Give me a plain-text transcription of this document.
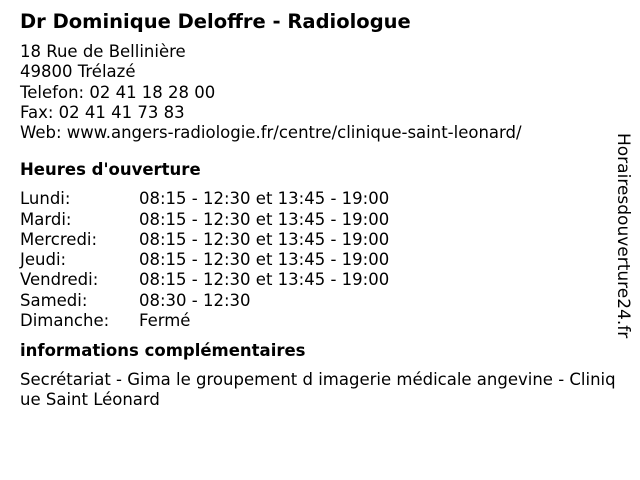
Dr Dominique Deloffre - Radiologue
18 Rue de Bellinière
49800 Trélazé
Telefon: 02 41 18 28 00
Fax: 02 41 41 73 83
Web: www.angers-radiologie.fr/centre/clinique-saint-leonard/
Heures d'ouverture
Lundi:	08:15 - 12:30 et 13:45 - 19:00
Mardi:	08:15 - 12:30 et 13:45 - 19:00
Mercredi:	08:15 - 12:30 et 13:45 - 19:00
Jeudi:	08:15 - 12:30 et 13:45 - 19:00
Vendredi:	08:15 - 12:30 et 13:45 - 19:00
Samedi:	08:30 - 12:30
Dimanche:	Fermé
informations complémentaires
Secrétariat - Gima le groupement d imagerie médicale angevine - Clinique Saint Léonard
Horairesdouverture24.fr
